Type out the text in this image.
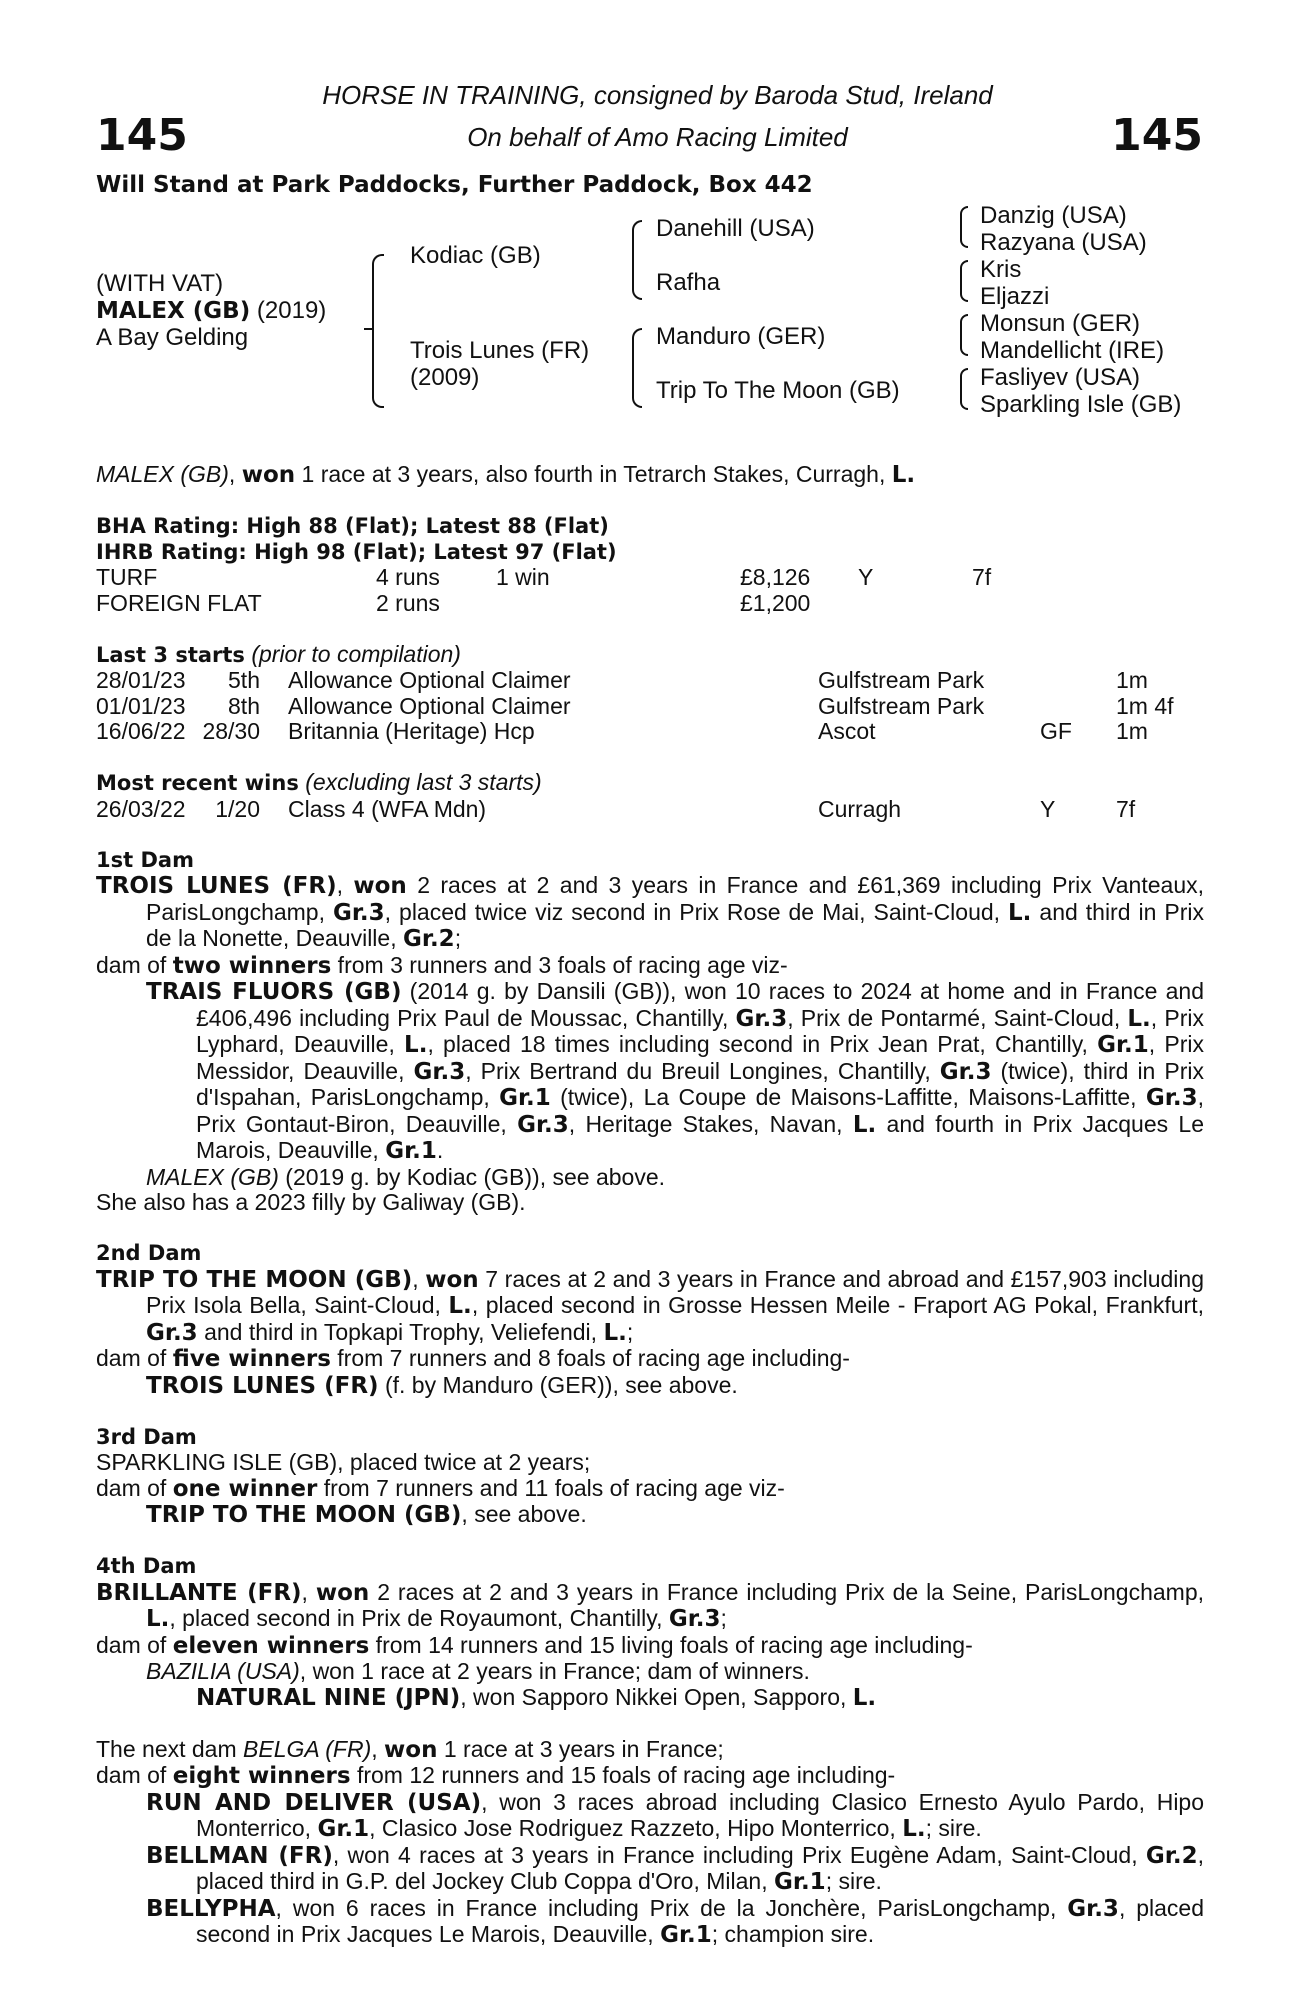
145	145
HORSE IN TRAINING, consigned by Baroda Stud, Ireland
On behalf of Amo Racing Limited
Will Stand at Park Paddocks, Further Paddock, Box 442
(WITH VAT)
MALEX (GB) (2019)
A Bay Gelding
Kodiac (GB)
Trois Lunes (FR)
(2009)
Danehill (USA)
Rafha
Manduro (GER)
Trip To The Moon (GB)
Danzig (USA)
Razyana (USA)
Kris
Eljazzi
Monsun (GER)
Mandellicht (IRE)
Fasliyev (USA)
Sparkling Isle (GB)

MALEX (GB), won 1 race at 3 years, also fourth in Tetrarch Stakes, Curragh, L.

BHA Rating: High 88 (Flat); Latest 88 (Flat)

IHRB Rating: High 98 (Flat); Latest 97 (Flat)

TURF	4 runs 1 win	£8,126 Y	7f
FOREIGN FLAT	2 runs	£1,200

Last 3 starts (prior to compilation)

28/01/23 5th Allowance Optional Claimer	Gulfstream Park	1m
01/01/23 8th Allowance Optional Claimer	Gulfstream Park	1m 4f
16/06/22 28/30 Britannia (Heritage) Hcp	Ascot	GF 1m

Most recent wins (excluding last 3 starts)

26/03/22 1/20 Class 4 (WFA Mdn)	Curragh	Y	7f

1st Dam

TROIS LUNES (FR), won 2 races at 2 and 3 years in France and £61,369 including Prix Vanteaux, ParisLongchamp, Gr.3, placed twice viz second in Prix Rose de Mai, Saint-Cloud, L. and third in Prix de la Nonette, Deauville, Gr.2;

dam of two winners from 3 runners and 3 foals of racing age viz-

TRAIS FLUORS (GB) (2014 g. by Dansili (GB)), won 10 races to 2024 at home and in France and £406,496 including Prix Paul de Moussac, Chantilly, Gr.3, Prix de Pontarmé, Saint-Cloud, L., Prix Lyphard, Deauville, L., placed 18 times including second in Prix Jean Prat, Chantilly, Gr.1, Prix Messidor, Deauville, Gr.3, Prix Bertrand du Breuil Longines, Chantilly, Gr.3 (twice), third in Prix d'Ispahan, ParisLongchamp, Gr.1 (twice), La Coupe de Maisons-Laffitte, Maisons-Laffitte, Gr.3, Prix Gontaut-Biron, Deauville, Gr.3, Heritage Stakes, Navan, L. and fourth in Prix Jacques Le Marois, Deauville, Gr.1.

MALEX (GB) (2019 g. by Kodiac (GB)), see above.

She also has a 2023 filly by Galiway (GB).

2nd Dam

TRIP TO THE MOON (GB), won 7 races at 2 and 3 years in France and abroad and £157,903 including Prix Isola Bella, Saint-Cloud, L., placed second in Grosse Hessen Meile - Fraport AG Pokal, Frankfurt, Gr.3 and third in Topkapi Trophy, Veliefendi, L.;

dam of five winners from 7 runners and 8 foals of racing age including-

TROIS LUNES (FR) (f. by Manduro (GER)), see above.

3rd Dam

SPARKLING ISLE (GB), placed twice at 2 years;

dam of one winner from 7 runners and 11 foals of racing age viz-

TRIP TO THE MOON (GB), see above.

4th Dam

BRILLANTE (FR), won 2 races at 2 and 3 years in France including Prix de la Seine, ParisLongchamp, L., placed second in Prix de Royaumont, Chantilly, Gr.3;

dam of eleven winners from 14 runners and 15 living foals of racing age including-

BAZILIA (USA), won 1 race at 2 years in France; dam of winners.

NATURAL NINE (JPN), won Sapporo Nikkei Open, Sapporo, L.

The next dam BELGA (FR), won 1 race at 3 years in France;

dam of eight winners from 12 runners and 15 foals of racing age including-

RUN AND DELIVER (USA), won 3 races abroad including Clasico Ernesto Ayulo Pardo, Hipo Monterrico, Gr.1, Clasico Jose Rodriguez Razzeto, Hipo Monterrico, L.; sire.

BELLMAN (FR), won 4 races at 3 years in France including Prix Eugène Adam, Saint-Cloud, Gr.2, placed third in G.P. del Jockey Club Coppa d'Oro, Milan, Gr.1; sire.

BELLYPHA, won 6 races in France including Prix de la Jonchère, ParisLongchamp, Gr.3, placed second in Prix Jacques Le Marois, Deauville, Gr.1; champion sire.
